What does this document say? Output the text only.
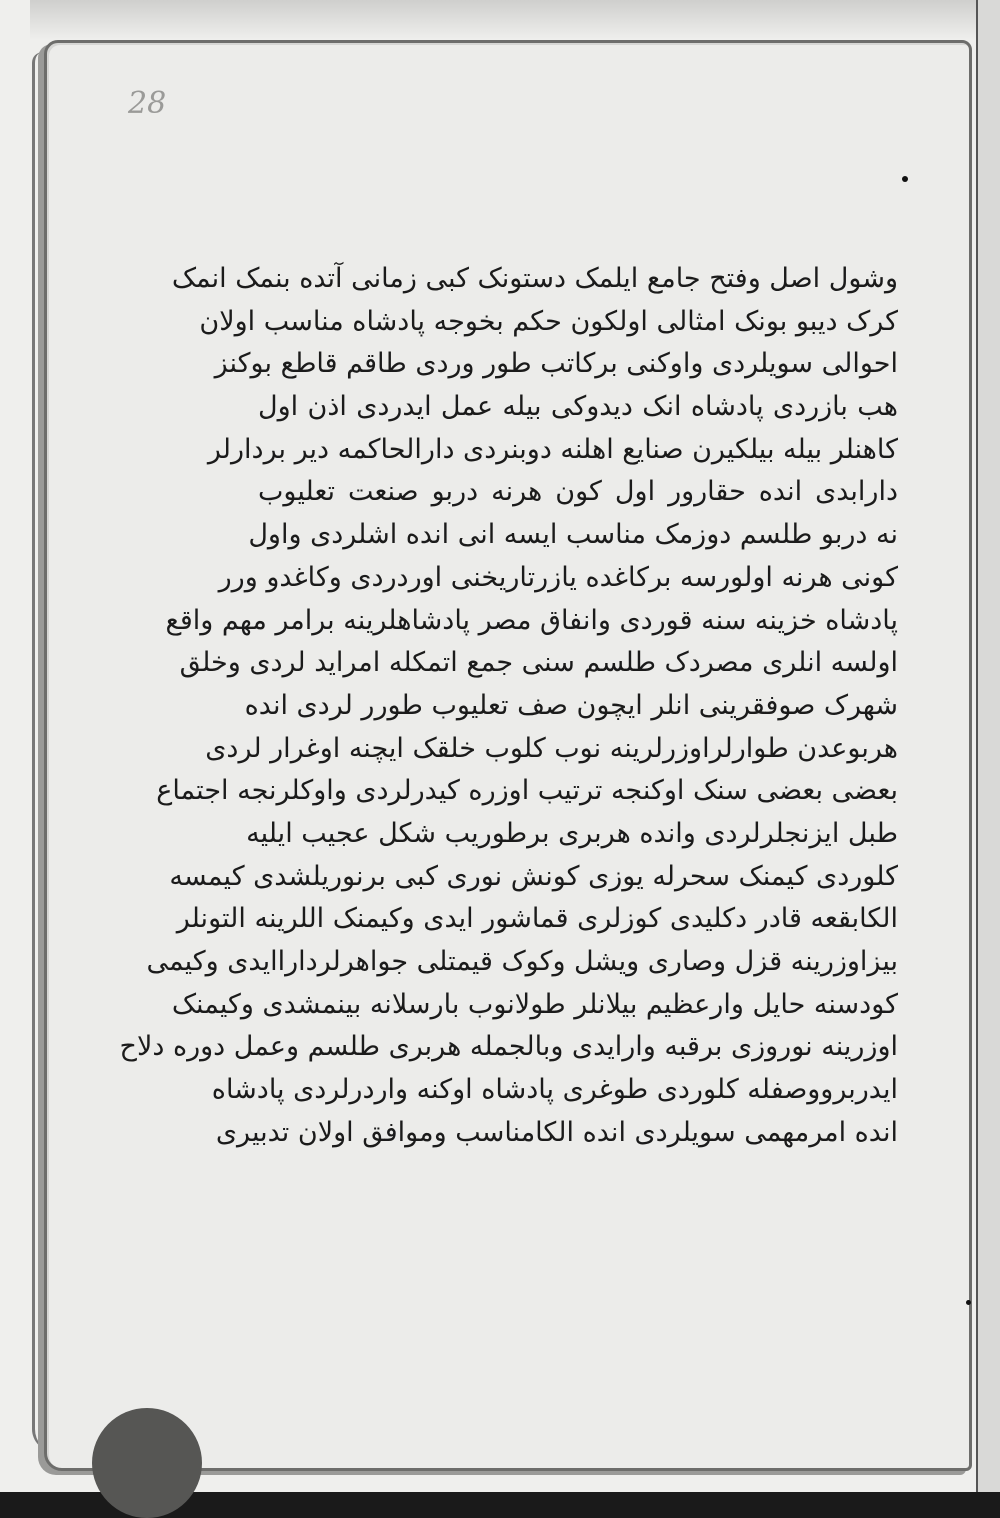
28
وشول اصل وفتح جامع ایلمک دستونک کبی زمانی آتده بنمک انمک
کرک دیبو بونک امثالی اولکون حکم بخوجه پادشاه مناسب اولان
احوالی سویلردی واوکنی برکاتب طور وردی طاقم قاطع بوکنز
هب بازردی پادشاه انک دیدوکی بیله عمل ایدردی اذن اول
کاهنلر بیله بیلکیرن صنایع اهلنه دوبنردی دارالحاکمه دیر بردارلر
دارابدی انده حقارور اول کون هرنه دربو صنعت تعلیوب
نه دربو طلسم دوزمک مناسب ایسه انی انده اشلردی واول
کونی هرنه اولورسه برکاغده یازرتاریخنی اوردردی وکاغدو ورر
پادشاه خزینه سنه قوردی وانفاق مصر پادشاهلرینه برامر مهم واقع
اولسه انلری مصردک طلسم سنی جمع اتمکله امراید لردی وخلق
شهرک صوفقرینی انلر ایچون صف تعلیوب طورر لردی انده
هربوعدن طوارلراوزرلرینه نوب کلوب خلقک ایچنه اوغرار لردی
بعضی بعضی سنک اوکنجه ترتیب اوزره کیدرلردی واوکلرنجه اجتماع
طبل ایزنجلرلردی وانده هربری برطوریب شکل عجیب ایلیه
کلوردی کیمنک سحرله یوزی کونش نوری کبی برنوریلشدی کیمسه
الکابقعه قادر دکلیدی کوزلری قماشور ایدی وکیمنک اللرینه التونلر
بیزاوزرینه قزل وصاری ویشل وکوک قیمتلی جواهرلرداراایدی وکیمی
کودسنه حایل وارعظیم بیلانلر طولانوب بارسلانه بینمشدی وکیمنک
اوزرینه نوروزی برقبه وارایدی وبالجمله هربری طلسم وعمل دوره دلاح
ایدربرووصفله کلوردی طوغری پادشاه اوکنه واردرلردی پادشاه
انده امرمهمی سویلردی انده الکامناسب وموافق اولان تدبیری
